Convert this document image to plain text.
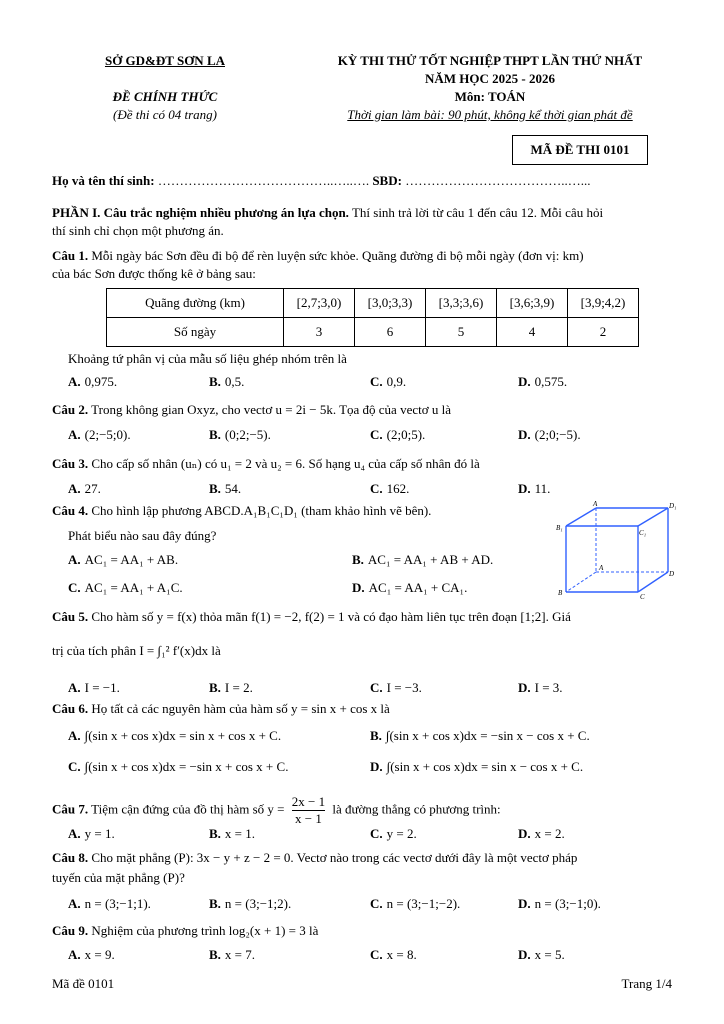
SỞ GD&ĐT SƠN LA
ĐỀ CHÍNH THỨC
(Đề thi có 04 trang)
KỲ THI THỬ TỐT NGHIỆP THPT LẦN THỨ NHẤT
NĂM HỌC 2025 - 2026
Môn: TOÁN
Thời gian làm bài: 90 phút, không kể thời gian phát đề
MÃ ĐỀ THI 0101
Họ và tên thí sinh: …………………………………..…..…. SBD: ………………………………..…...
PHẦN I. Câu trắc nghiệm nhiều phương án lựa chọn. Thí sinh trả lời từ câu 1 đến câu 12. Mỗi câu hỏi
thí sinh chỉ chọn một phương án.
Câu 1. Mỗi ngày bác Sơn đều đi bộ để rèn luyện sức khỏe. Quãng đường đi bộ mỗi ngày (đơn vị: km)
của bác Sơn được thống kê ở bảng sau:
Quãng đường (km)	[2,7;3,0)	[3,0;3,3)	[3,3;3,6)	[3,6;3,9)	[3,9;4,2)
Số ngày	3	6	5	4	2
Khoảng tứ phân vị của mẫu số liệu ghép nhóm trên là
A. 0,975.	B. 0,5.	C. 0,9.	D. 0,575.
Câu 2. Trong không gian Oxyz, cho vectơ u = 2i − 5k. Tọa độ của vectơ u là
A. (2;−5;0).	B. (0;2;−5).	C. (2;0;5).	D. (2;0;−5).
Câu 3. Cho cấp số nhân (uₙ) có u₁ = 2 và u₂ = 6. Số hạng u₄ của cấp số nhân đó là
A. 27.	B. 54.	C. 162.	D. 11.
Câu 4. Cho hình lập phương ABCD.A₁B₁C₁D₁ (tham khảo hình vẽ bên).
Phát biểu nào sau đây đúng?
A. AC₁ = AA₁ + AB.	B. AC₁ = AA₁ + AB + AD.
C. AC₁ = AA₁ + A₁C.	D. AC₁ = AA₁ + CA₁.
A	D₁
B₁
C₁
A
D
B	C
Câu 5. Cho hàm số y = f(x) thỏa mãn f(1) = −2, f(2) = 1 và có đạo hàm liên tục trên đoạn [1;2]. Giá
trị của tích phân I = ∫₁² f′(x)dx là
A. I = −1.	B. I = 2.	C. I = −3.	D. I = 3.
Câu 6. Họ tất cả các nguyên hàm của hàm số y = sin x + cos x là
A. ∫(sin x + cos x)dx = sin x + cos x + C.	B. ∫(sin x + cos x)dx = −sin x − cos x + C.
C. ∫(sin x + cos x)dx = −sin x + cos x + C.	D. ∫(sin x + cos x)dx = sin x − cos x + C.
Câu 7. Tiệm cận đứng của đồ thị hàm số $y = \frac{2x - 1}{x - 1}$ là đường thẳng có phương trình:
A. y = 1.	B. x = 1.	C. y = 2.	D. x = 2.
Câu 8. Cho mặt phẳng (P): 3x − y + z − 2 = 0. Vectơ nào trong các vectơ dưới đây là một vectơ pháp
tuyến của mặt phẳng (P)?
A. n = (3;−1;1).	B. n = (3;−1;2).	C. n = (3;−1;−2).	D. n = (3;−1;0).
Câu 9. Nghiệm của phương trình log₂(x + 1) = 3 là
A. x = 9.	B. x = 7.	C. x = 8.	D. x = 5.
Mã đề 0101	Trang 1/4
